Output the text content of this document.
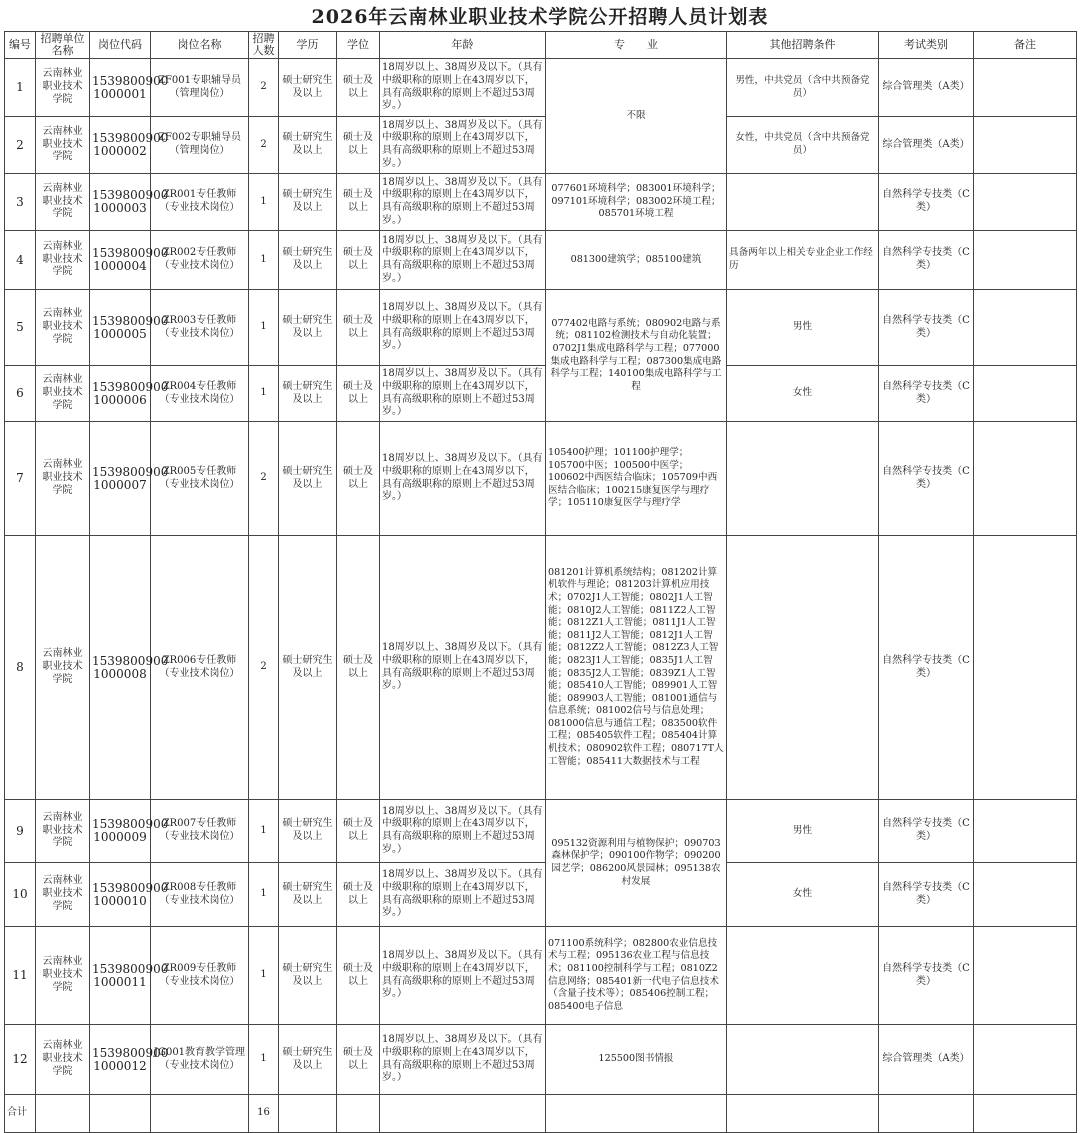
2026年云南林业职业技术学院公开招聘人员计划表
编号	招聘单位名称	岗位代码	岗位名称	招聘人数	学历	学位	年龄	专　　业	其他招聘条件	考试类别	备注
1	云南林业职业技术学院	1539800900 1000001	ZF001专职辅导员（管理岗位）	2	硕士研究生及以上	硕士及以上	18周岁以上、38周岁及以下。（具有中级职称的原则上在43周岁以下，具有高级职称的原则上不超过53周岁。）	不限	男性，中共党员（含中共预备党员）	综合管理类（A类）	
2	云南林业职业技术学院	1539800900 1000002	ZF002专职辅导员（管理岗位）	2	硕士研究生及以上	硕士及以上	18周岁以上、38周岁及以下。（具有中级职称的原则上在43周岁以下，具有高级职称的原则上不超过53周岁。）		女性，中共党员（含中共预备党员）	综合管理类（A类）	
3	云南林业职业技术学院	1539800900 1000003	ZR001专任教师（专业技术岗位）	1	硕士研究生及以上	硕士及以上	18周岁以上、38周岁及以下。（具有中级职称的原则上在43周岁以下，具有高级职称的原则上不超过53周岁。）	077601环境科学；083001环境科学；097101环境科学；083002环境工程；085701环境工程		自然科学专技类（C类）	
4	云南林业职业技术学院	1539800900 1000004	ZR002专任教师（专业技术岗位）	1	硕士研究生及以上	硕士及以上	18周岁以上、38周岁及以下。（具有中级职称的原则上在43周岁以下，具有高级职称的原则上不超过53周岁。）	081300建筑学；085100建筑	具备两年以上相关专业企业工作经历	自然科学专技类（C类）	
5	云南林业职业技术学院	1539800900 1000005	ZR003专任教师（专业技术岗位）	1	硕士研究生及以上	硕士及以上	18周岁以上、38周岁及以下。（具有中级职称的原则上在43周岁以下，具有高级职称的原则上不超过53周岁。）	077402电路与系统；080902电路与系统；081102检测技术与自动化装置；0702J1集成电路科学与工程；077000集成电路科学与工程；087300集成电路科学与工程；140100集成电路科学与工程	男性	自然科学专技类（C类）	
6	云南林业职业技术学院	1539800900 1000006	ZR004专任教师（专业技术岗位）	1	硕士研究生及以上	硕士及以上	18周岁以上、38周岁及以下。（具有中级职称的原则上在43周岁以下，具有高级职称的原则上不超过53周岁。）		女性	自然科学专技类（C类）	
7	云南林业职业技术学院	1539800900 1000007	ZR005专任教师（专业技术岗位）	2	硕士研究生及以上	硕士及以上	18周岁以上、38周岁及以下。（具有中级职称的原则上在43周岁以下，具有高级职称的原则上不超过53周岁。）	105400护理；101100护理学；105700中医；100500中医学；100602中西医结合临床；105709中西医结合临床；100215康复医学与理疗学；105110康复医学与理疗学		自然科学专技类（C类）	
8	云南林业职业技术学院	1539800900 1000008	ZR006专任教师（专业技术岗位）	2	硕士研究生及以上	硕士及以上	18周岁以上、38周岁及以下。（具有中级职称的原则上在43周岁以下，具有高级职称的原则上不超过53周岁。）	081201计算机系统结构；081202计算机软件与理论；081203计算机应用技术；0702J1人工智能；0802J1人工智能；0810J2人工智能；0811Z2人工智能；0812Z1人工智能；0811J1人工智能；0811J2人工智能；0812J1人工智能；0812Z2人工智能；0812Z3人工智能；0823J1人工智能；0835J1人工智能；0835J2人工智能；0839Z1人工智能；085410人工智能；089901人工智能；089903人工智能；081001通信与信息系统；081002信号与信息处理；081000信息与通信工程；083500软件工程；085405软件工程；085404计算机技术；080902软件工程；080717T人工智能；085411大数据技术与工程		自然科学专技类（C类）	
9	云南林业职业技术学院	1539800900 1000009	ZR007专任教师（专业技术岗位）	1	硕士研究生及以上	硕士及以上	18周岁以上、38周岁及以下。（具有中级职称的原则上在43周岁以下，具有高级职称的原则上不超过53周岁。）	095132资源利用与植物保护；090703森林保护学；090100作物学；090200园艺学；086200风景园林；095138农村发展	男性	自然科学专技类（C类）	
10	云南林业职业技术学院	1539800900 1000010	ZR008专任教师（专业技术岗位）	1	硕士研究生及以上	硕士及以上	18周岁以上、38周岁及以下。（具有中级职称的原则上在43周岁以下，具有高级职称的原则上不超过53周岁。）		女性	自然科学专技类（C类）	
11	云南林业职业技术学院	1539800900 1000011	ZR009专任教师（专业技术岗位）	1	硕士研究生及以上	硕士及以上	18周岁以上、38周岁及以下。（具有中级职称的原则上在43周岁以下，具有高级职称的原则上不超过53周岁。）	071100系统科学；082800农业信息技术与工程；095136农业工程与信息技术；081100控制科学与工程；0810Z2信息网络；085401新一代电子信息技术（含量子技术等）；085406控制工程；085400电子信息		自然科学专技类（C类）	
12	云南林业职业技术学院	1539800900 1000012	JG001教育教学管理（专业技术岗位）	1	硕士研究生及以上	硕士及以上	18周岁以上、38周岁及以下。（具有中级职称的原则上在43周岁以下，具有高级职称的原则上不超过53周岁。）	125500图书情报		综合管理类（A类）	
合计				16							
